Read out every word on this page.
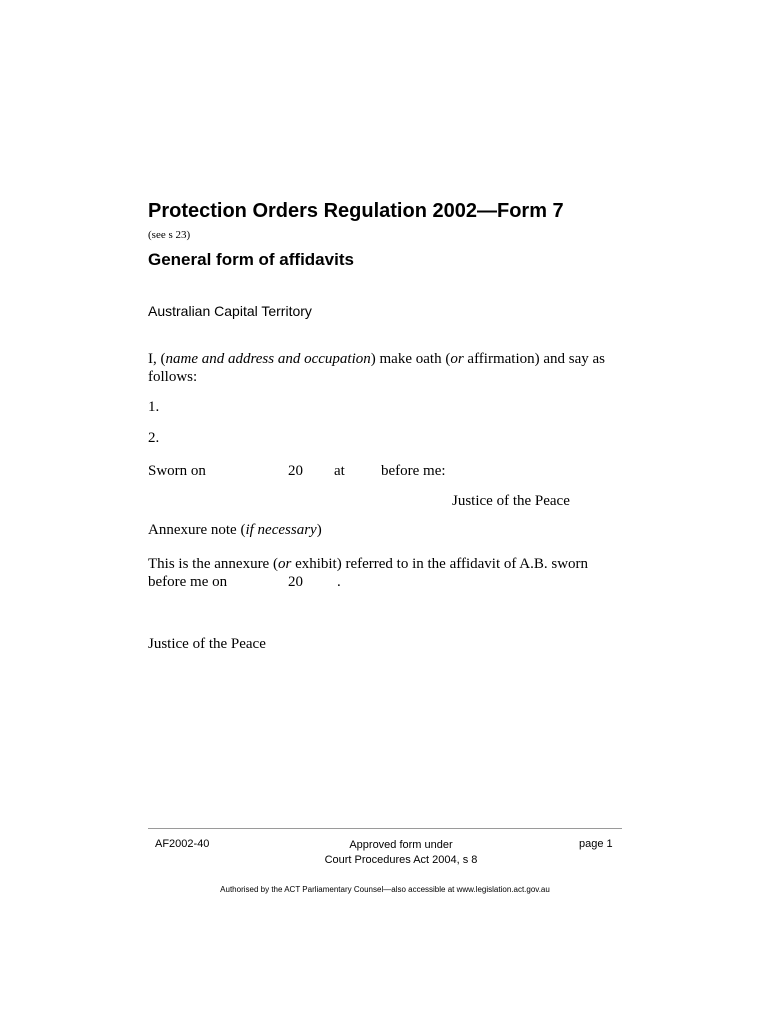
Protection Orders Regulation 2002—Form 7
(see s 23)
General form of affidavits
Australian Capital Territory
I, (name and address and occupation) make oath (or affirmation) and say as follows:
1.
2.
Sworn on	20 at before me:
Justice of the Peace
Annexure note (if necessary)
This is the annexure (or exhibit) referred to in the affidavit of A.B. sworn
before me on	20 .
Justice of the Peace
AF2002-40	Approved form under
Court Procedures Act 2004, s 8
page 1
Authorised by the ACT Parliamentary Counsel—also accessible at www.legislation.act.gov.au
